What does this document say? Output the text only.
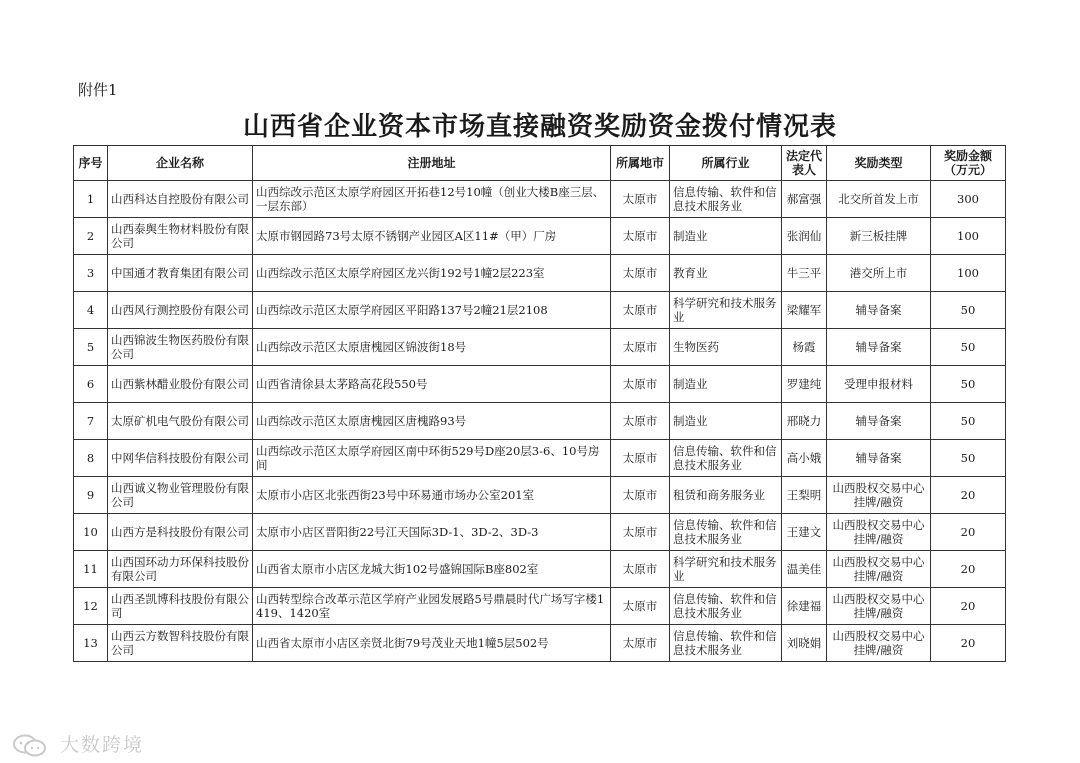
附件1
山西省企业资本市场直接融资奖励资金拨付情况表
序号	企业名称	注册地址	所属地市	所属行业	法定代表人	奖励类型	奖励金额（万元）
1	山西科达自控股份有限公司	山西综改示范区太原学府园区开拓巷12号10幢（创业大楼B座三层、一层东部）	太原市	信息传输、软件和信息技术服务业	郝富强	北交所首发上市	300
2	山西泰舆生物材料股份有限公司	太原市钢园路73号太原不锈钢产业园区A区11#（甲）厂房	太原市	制造业	张润仙	新三板挂牌	100
3	中国通才教育集团有限公司	山西综改示范区太原学府园区龙兴街192号1幢2层223室	太原市	教育业	牛三平	港交所上市	100
4	山西风行测控股份有限公司	山西综改示范区太原学府园区平阳路137号2幢21层2108	太原市	科学研究和技术服务业	梁耀军	辅导备案	50
5	山西锦波生物医药股份有限公司	山西综改示范区太原唐槐园区锦波街18号	太原市	生物医药	杨霞	辅导备案	50
6	山西紫林醋业股份有限公司	山西省清徐县太茅路高花段550号	太原市	制造业	罗建纯	受理申报材料	50
7	太原矿机电气股份有限公司	山西综改示范区太原唐槐园区唐槐路93号	太原市	制造业	邢晓力	辅导备案	50
8	中网华信科技股份有限公司	山西综改示范区太原学府园区南中环街529号D座20层3-6、10号房间	太原市	信息传输、软件和信息技术服务业	高小娥	辅导备案	50
9	山西诚义物业管理股份有限公司	太原市小店区北张西街23号中环易通市场办公室201室	太原市	租赁和商务服务业	王梨明	山西股权交易中心挂牌/融资	20
10	山西方是科技股份有限公司	太原市小店区晋阳街22号江天国际3D-1、3D-2、3D-3	太原市	信息传输、软件和信息技术服务业	王建文	山西股权交易中心挂牌/融资	20
11	山西国环动力环保科技股份有限公司	山西省太原市小店区龙城大街102号盛锦国际B座802室	太原市	科学研究和技术服务业	温美佳	山西股权交易中心挂牌/融资	20
12	山西圣凯博科技股份有限公司	山西转型综合改革示范区学府产业园发展路5号鼎晨时代广场写字楼1419、1420室	太原市	信息传输、软件和信息技术服务业	徐建福	山西股权交易中心挂牌/融资	20
13	山西云方数智科技股份有限公司	山西省太原市小店区亲贤北街79号茂业天地1幢5层502号	太原市	信息传输、软件和信息技术服务业	刘晓娟	山西股权交易中心挂牌/融资	20
大数跨境
